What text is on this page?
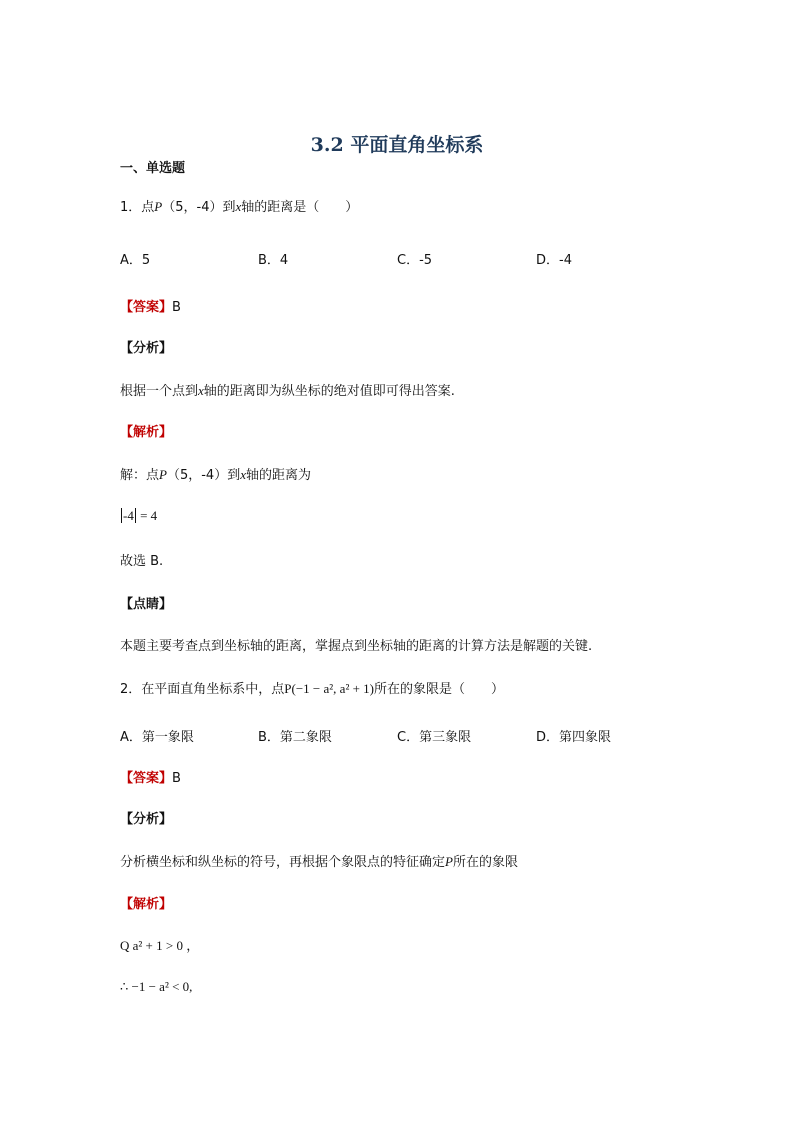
3.2 平面直角坐标系
一、单选题
1．点P（5，-4）到x轴的距离是（　　）
A．5	B．4	C．-5	D．-4
【答案】B
【分析】
根据一个点到x轴的距离即为纵坐标的绝对值即可得出答案.
【解析】
解：点P（5，-4）到x轴的距离为
-4 = 4
故选 B.
【点睛】
本题主要考查点到坐标轴的距离，掌握点到坐标轴的距离的计算方法是解题的关键.
2．在平面直角坐标系中，点P(−1 − a², a² + 1)所在的象限是（　　）
A．第一象限	B．第二象限	C．第三象限	D．第四象限
【答案】B
【分析】
分析横坐标和纵坐标的符号，再根据个象限点的特征确定P所在的象限
【解析】
Q a² + 1 > 0 ，
∴ −1 − a² < 0,
